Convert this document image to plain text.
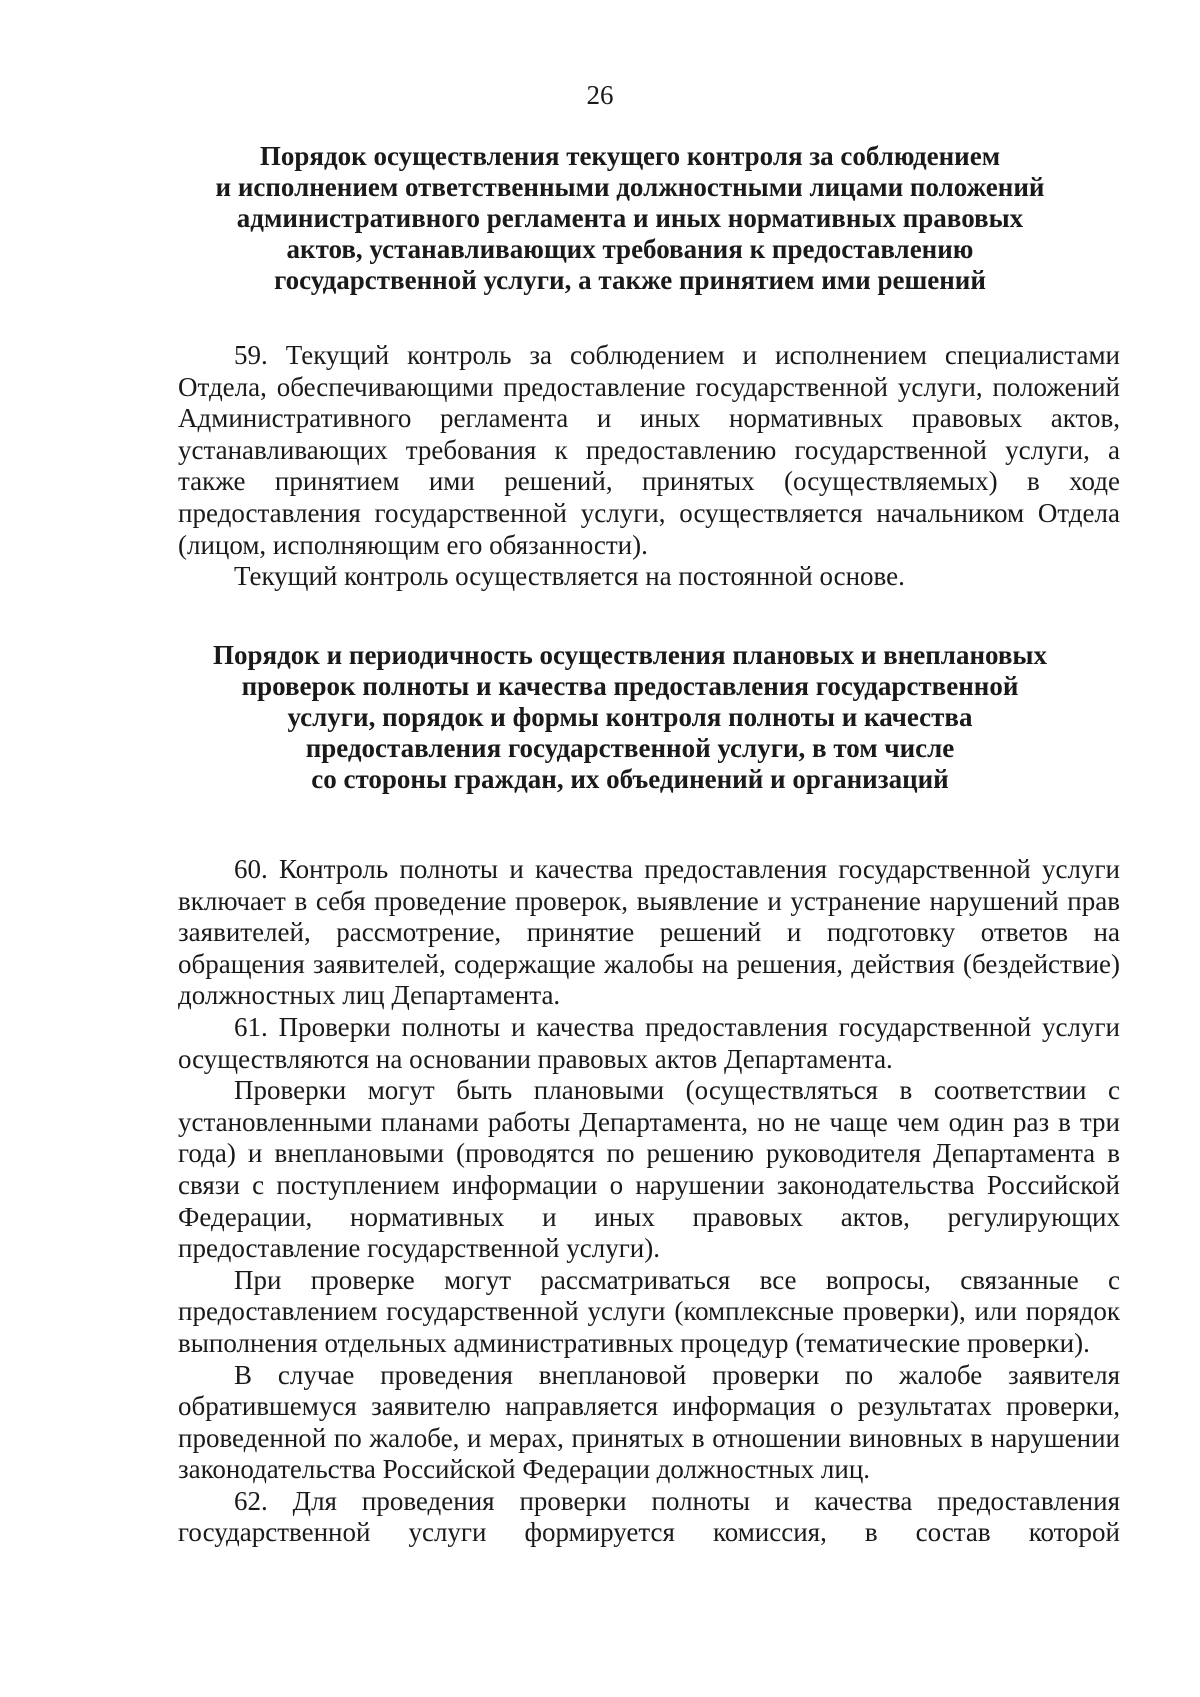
26
Порядок осуществления текущего контроля за соблюдением
и исполнением ответственными должностными лицами положений
административного регламента и иных нормативных правовых
актов, устанавливающих требования к предоставлению
государственной услуги, а также принятием ими решений

59. Текущий контроль за соблюдением и исполнением специалистами Отдела, обеспечивающими предоставление государственной услуги, положений Административного регламента и иных нормативных правовых актов, устанавливающих требования к предоставлению государственной услуги, а также принятием ими решений, принятых (осуществляемых) в ходе предоставления государственной услуги, осуществляется начальником Отдела (лицом, исполняющим его обязанности).

Текущий контроль осуществляется на постоянной основе.

Порядок и периодичность осуществления плановых и внеплановых
проверок полноты и качества предоставления государственной
услуги, порядок и формы контроля полноты и качества
предоставления государственной услуги, в том числе
со стороны граждан, их объединений и организаций

60. Контроль полноты и качества предоставления государственной услуги включает в себя проведение проверок, выявление и устранение нарушений прав заявителей, рассмотрение, принятие решений и подготовку ответов на обращения заявителей, содержащие жалобы на решения, действия (бездействие) должностных лиц Департамента.

61. Проверки полноты и качества предоставления государственной услуги осуществляются на основании правовых актов Департамента.

Проверки могут быть плановыми (осуществляться в соответствии с установленными планами работы Департамента, но не чаще чем один раз в три года) и внеплановыми (проводятся по решению руководителя Департамента в связи с поступлением информации о нарушении законодательства Российской Федерации, нормативных и иных правовых актов, регулирующих предоставление государственной услуги).

При проверке могут рассматриваться все вопросы, связанные с предоставлением государственной услуги (комплексные проверки), или порядок выполнения отдельных административных процедур (тематические проверки).

В случае проведения внеплановой проверки по жалобе заявителя обратившемуся заявителю направляется информация о результатах проверки, проведенной по жалобе, и мерах, принятых в отношении виновных в нарушении законодательства Российской Федерации должностных лиц.

62. Для проведения проверки полноты и качества предоставления государственной услуги формируется комиссия, в состав которой
